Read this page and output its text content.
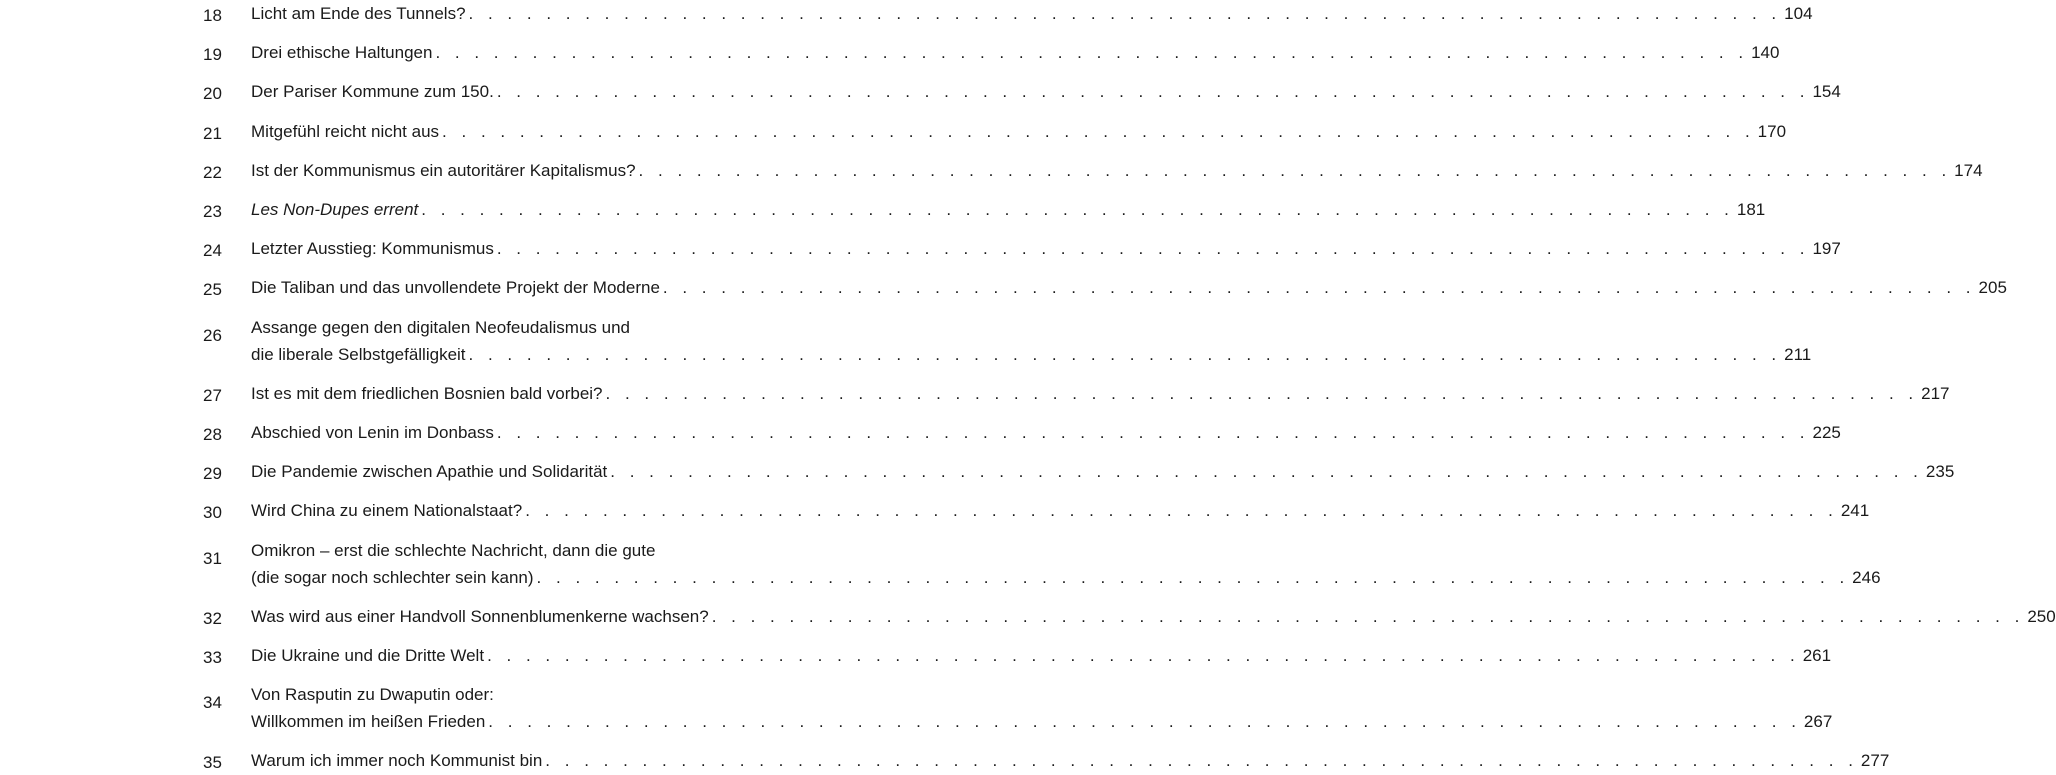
18	Licht am Ende des Tunnels? . . . . . . . . . . . . . . . . . . . . . . . . . . . . . . . . . . . . . . . . . . . . . . . . . . . . . . . . . . . . . . . . . . . . 104
19	Drei ethische Haltungen . . . . . . . . . . . . . . . . . . . . . . . . . . . . . . . . . . . . . . . . . . . . . . . . . . . . . . . . . . . . . . . . . . . . 140
20	Der Pariser Kommune zum 150. . . . . . . . . . . . . . . . . . . . . . . . . . . . . . . . . . . . . . . . . . . . . . . . . . . . . . . . . . . . . . . . . . . . . 154
21	Mitgefühl reicht nicht aus . . . . . . . . . . . . . . . . . . . . . . . . . . . . . . . . . . . . . . . . . . . . . . . . . . . . . . . . . . . . . . . . . . . . 170
22	Ist der Kommunismus ein autoritärer Kapitalismus? . . . . . . . . . . . . . . . . . . . . . . . . . . . . . . . . . . . . . . . . . . . . . . . . . . . . . . . . . . . . . . . . . . . . 174
23	Les Non-Dupes errent . . . . . . . . . . . . . . . . . . . . . . . . . . . . . . . . . . . . . . . . . . . . . . . . . . . . . . . . . . . . . . . . . . . . 181
24	Letzter Ausstieg: Kommunismus . . . . . . . . . . . . . . . . . . . . . . . . . . . . . . . . . . . . . . . . . . . . . . . . . . . . . . . . . . . . . . . . . . . . 197
25	Die Taliban und das unvollendete Projekt der Moderne . . . . . . . . . . . . . . . . . . . . . . . . . . . . . . . . . . . . . . . . . . . . . . . . . . . . . . . . . . . . . . . . . . . . 205
26	Assange gegen den digitalen Neofeudalismus und
die liberale Selbstgefälligkeit . . . . . . . . . . . . . . . . . . . . . . . . . . . . . . . . . . . . . . . . . . . . . . . . . . . . . . . . . . . . . . . . . . . . 211
27	Ist es mit dem friedlichen Bosnien bald vorbei? . . . . . . . . . . . . . . . . . . . . . . . . . . . . . . . . . . . . . . . . . . . . . . . . . . . . . . . . . . . . . . . . . . . . 217
28	Abschied von Lenin im Donbass . . . . . . . . . . . . . . . . . . . . . . . . . . . . . . . . . . . . . . . . . . . . . . . . . . . . . . . . . . . . . . . . . . . . 225
29	Die Pandemie zwischen Apathie und Solidarität . . . . . . . . . . . . . . . . . . . . . . . . . . . . . . . . . . . . . . . . . . . . . . . . . . . . . . . . . . . . . . . . . . . . 235
30	Wird China zu einem Nationalstaat? . . . . . . . . . . . . . . . . . . . . . . . . . . . . . . . . . . . . . . . . . . . . . . . . . . . . . . . . . . . . . . . . . . . . 241
31	Omikron – erst die schlechte Nachricht, dann die gute
(die sogar noch schlechter sein kann) . . . . . . . . . . . . . . . . . . . . . . . . . . . . . . . . . . . . . . . . . . . . . . . . . . . . . . . . . . . . . . . . . . . . 246
32	Was wird aus einer Handvoll Sonnenblumenkerne wachsen? . . . . . . . . . . . . . . . . . . . . . . . . . . . . . . . . . . . . . . . . . . . . . . . . . . . . . . . . . . . . . . . . . . . . 250
33	Die Ukraine und die Dritte Welt . . . . . . . . . . . . . . . . . . . . . . . . . . . . . . . . . . . . . . . . . . . . . . . . . . . . . . . . . . . . . . . . . . . . 261
34	Von Rasputin zu Dwaputin oder:
Willkommen im heißen Frieden . . . . . . . . . . . . . . . . . . . . . . . . . . . . . . . . . . . . . . . . . . . . . . . . . . . . . . . . . . . . . . . . . . . . 267
35	Warum ich immer noch Kommunist bin . . . . . . . . . . . . . . . . . . . . . . . . . . . . . . . . . . . . . . . . . . . . . . . . . . . . . . . . . . . . . . . . . . . . 277
